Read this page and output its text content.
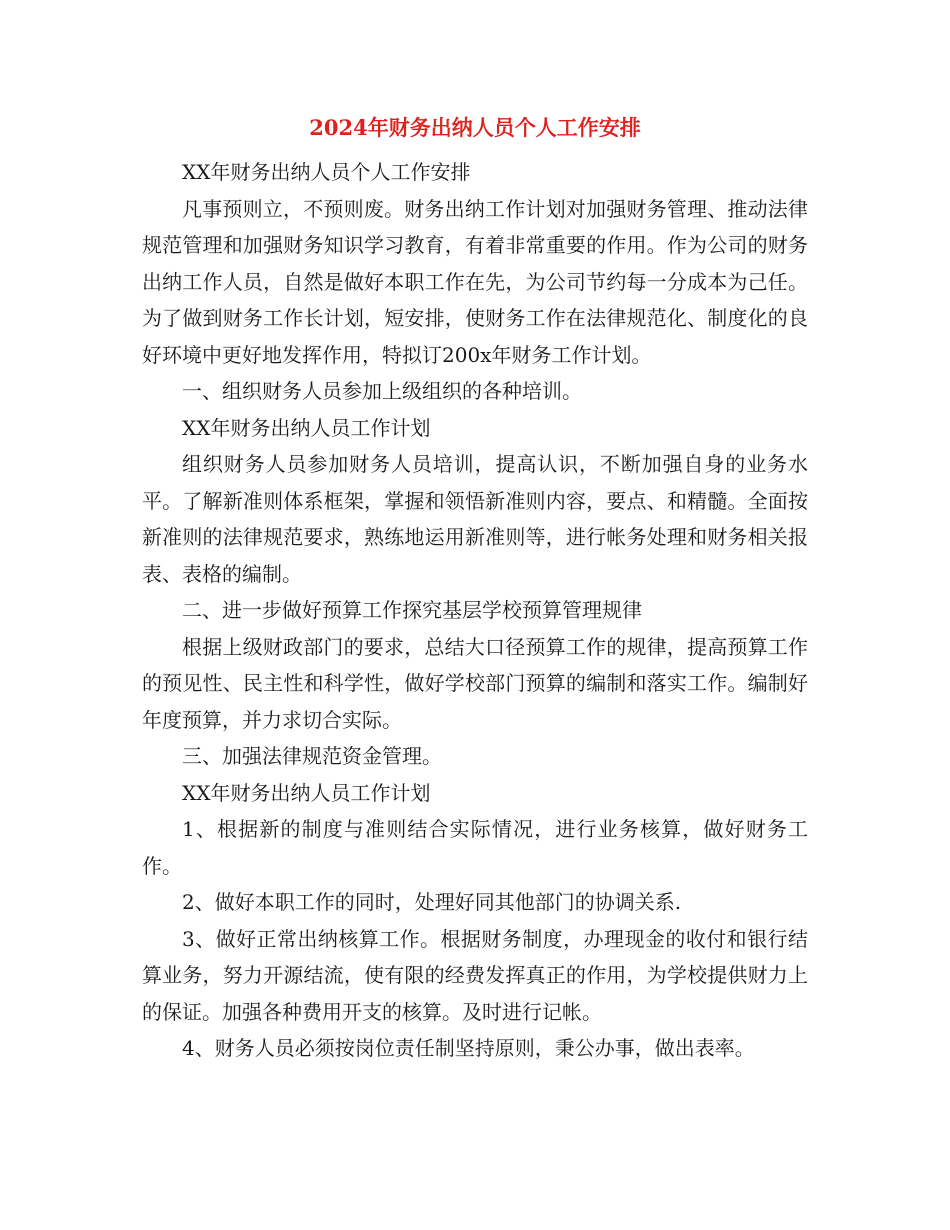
2024年财务出纳人员个人工作安排

XX年财务出纳人员个人工作安排

凡事预则立，不预则废。财务出纳工作计划对加强财务管理、推动法律规范管理和加强财务知识学习教育，有着非常重要的作用。作为公司的财务出纳工作人员，自然是做好本职工作在先，为公司节约每一分成本为己任。为了做到财务工作长计划，短安排，使财务工作在法律规范化、制度化的良好环境中更好地发挥作用，特拟订200x年财务工作计划。

一、组织财务人员参加上级组织的各种培训。

XX年财务出纳人员工作计划

组织财务人员参加财务人员培训，提高认识，不断加强自身的业务水平。了解新准则体系框架，掌握和领悟新准则内容，要点、和精髓。全面按新准则的法律规范要求，熟练地运用新准则等，进行帐务处理和财务相关报表、表格的编制。

二、进一步做好预算工作探究基层学校预算管理规律

根据上级财政部门的要求，总结大口径预算工作的规律，提高预算工作的预见性、民主性和科学性，做好学校部门预算的编制和落实工作。编制好年度预算，并力求切合实际。

三、加强法律规范资金管理。

XX年财务出纳人员工作计划

1、根据新的制度与准则结合实际情况，进行业务核算，做好财务工作。

2、做好本职工作的同时，处理好同其他部门的协调关系.

3、做好正常出纳核算工作。根据财务制度，办理现金的收付和银行结算业务，努力开源结流，使有限的经费发挥真正的作用，为学校提供财力上的保证。加强各种费用开支的核算。及时进行记帐。

4、财务人员必须按岗位责任制坚持原则，秉公办事，做出表率。
